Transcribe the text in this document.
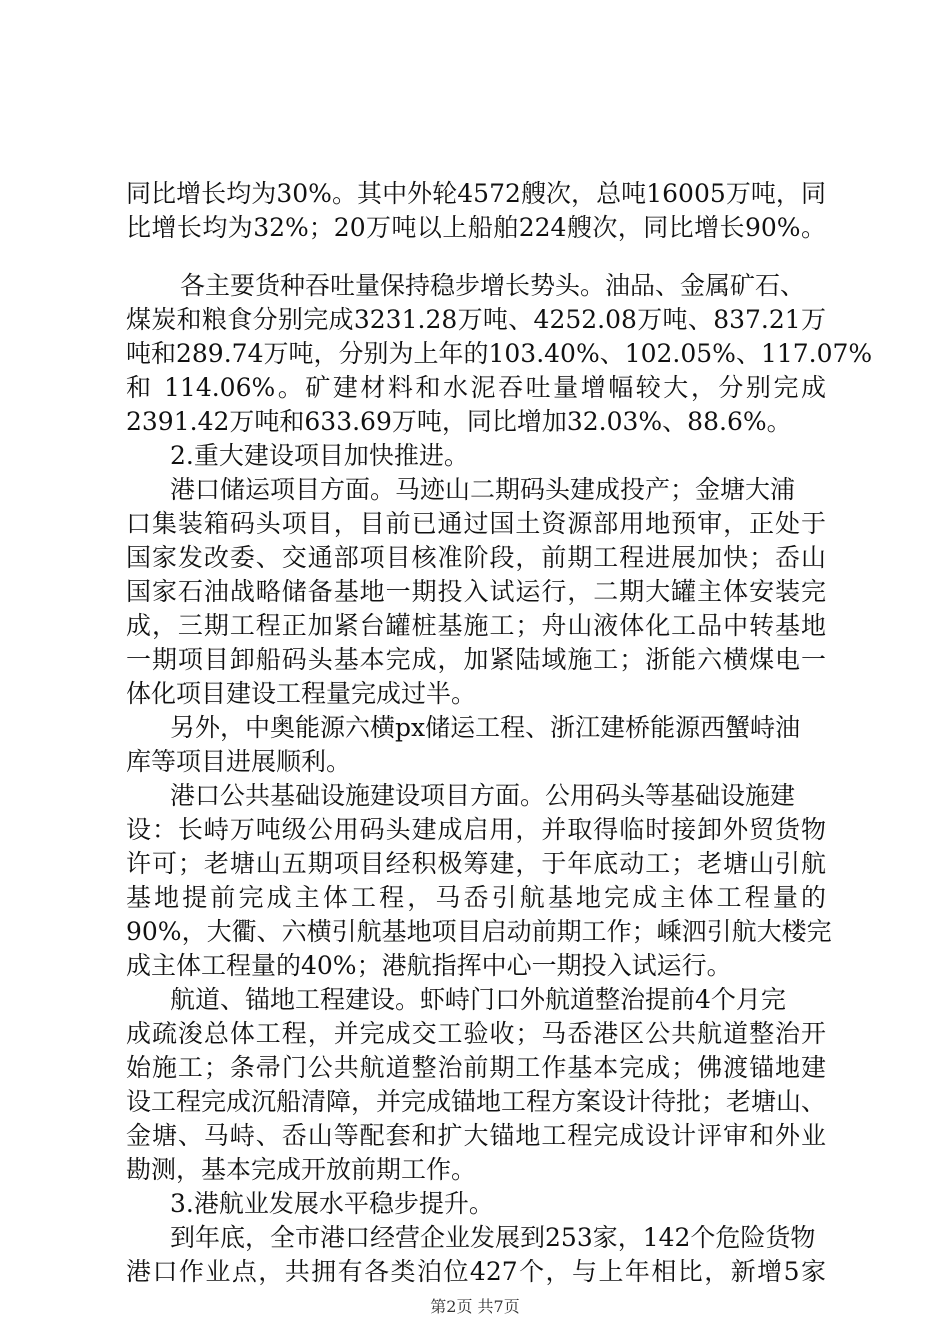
同比增长均为30%。其中外轮4572艘次，总吨16005万吨，同
比增长均为32%；20万吨以上船舶224艘次，同比增长90%。
各主要货种吞吐量保持稳步增长势头。油品、金属矿石、
煤炭和粮食分别完成3231.28万吨、4252.08万吨、837.21万
吨和289.74万吨，分别为上年的103.40%、102.05%、117.07%
和 114.06%。矿建材料和水泥吞吐量增幅较大，分别完成
2391.42万吨和633.69万吨，同比增加32.03%、88.6%。
2.重大建设项目加快推进。
港口储运项目方面。马迹山二期码头建成投产；金塘大浦
口集装箱码头项目，目前已通过国土资源部用地预审，正处于
国家发改委、交通部项目核准阶段，前期工程进展加快；岙山
国家石油战略储备基地一期投入试运行，二期大罐主体安装完
成，三期工程正加紧台罐桩基施工；舟山液体化工品中转基地
一期项目卸船码头基本完成，加紧陆域施工；浙能六横煤电一
体化项目建设工程量完成过半。
另外，中奥能源六横px储运工程、浙江建桥能源西蟹峙油
库等项目进展顺利。
港口公共基础设施建设项目方面。公用码头等基础设施建
设：长峙万吨级公用码头建成启用，并取得临时接卸外贸货物
许可；老塘山五期项目经积极筹建，于年底动工；老塘山引航
基地提前完成主体工程，马岙引航基地完成主体工程量的
90%，大衢、六横引航基地项目启动前期工作；嵊泗引航大楼完
成主体工程量的40%；港航指挥中心一期投入试运行。
航道、锚地工程建设。虾峙门口外航道整治提前4个月完
成疏浚总体工程，并完成交工验收；马岙港区公共航道整治开
始施工；条帚门公共航道整治前期工作基本完成；佛渡锚地建
设工程完成沉船清障，并完成锚地工程方案设计待批；老塘山、
金塘、马峙、岙山等配套和扩大锚地工程完成设计评审和外业
勘测，基本完成开放前期工作。
3.港航业发展水平稳步提升。
到年底，全市港口经营企业发展到253家，142个危险货物
港口作业点，共拥有各类泊位427个，与上年相比，新增5家
第2页 共7页
